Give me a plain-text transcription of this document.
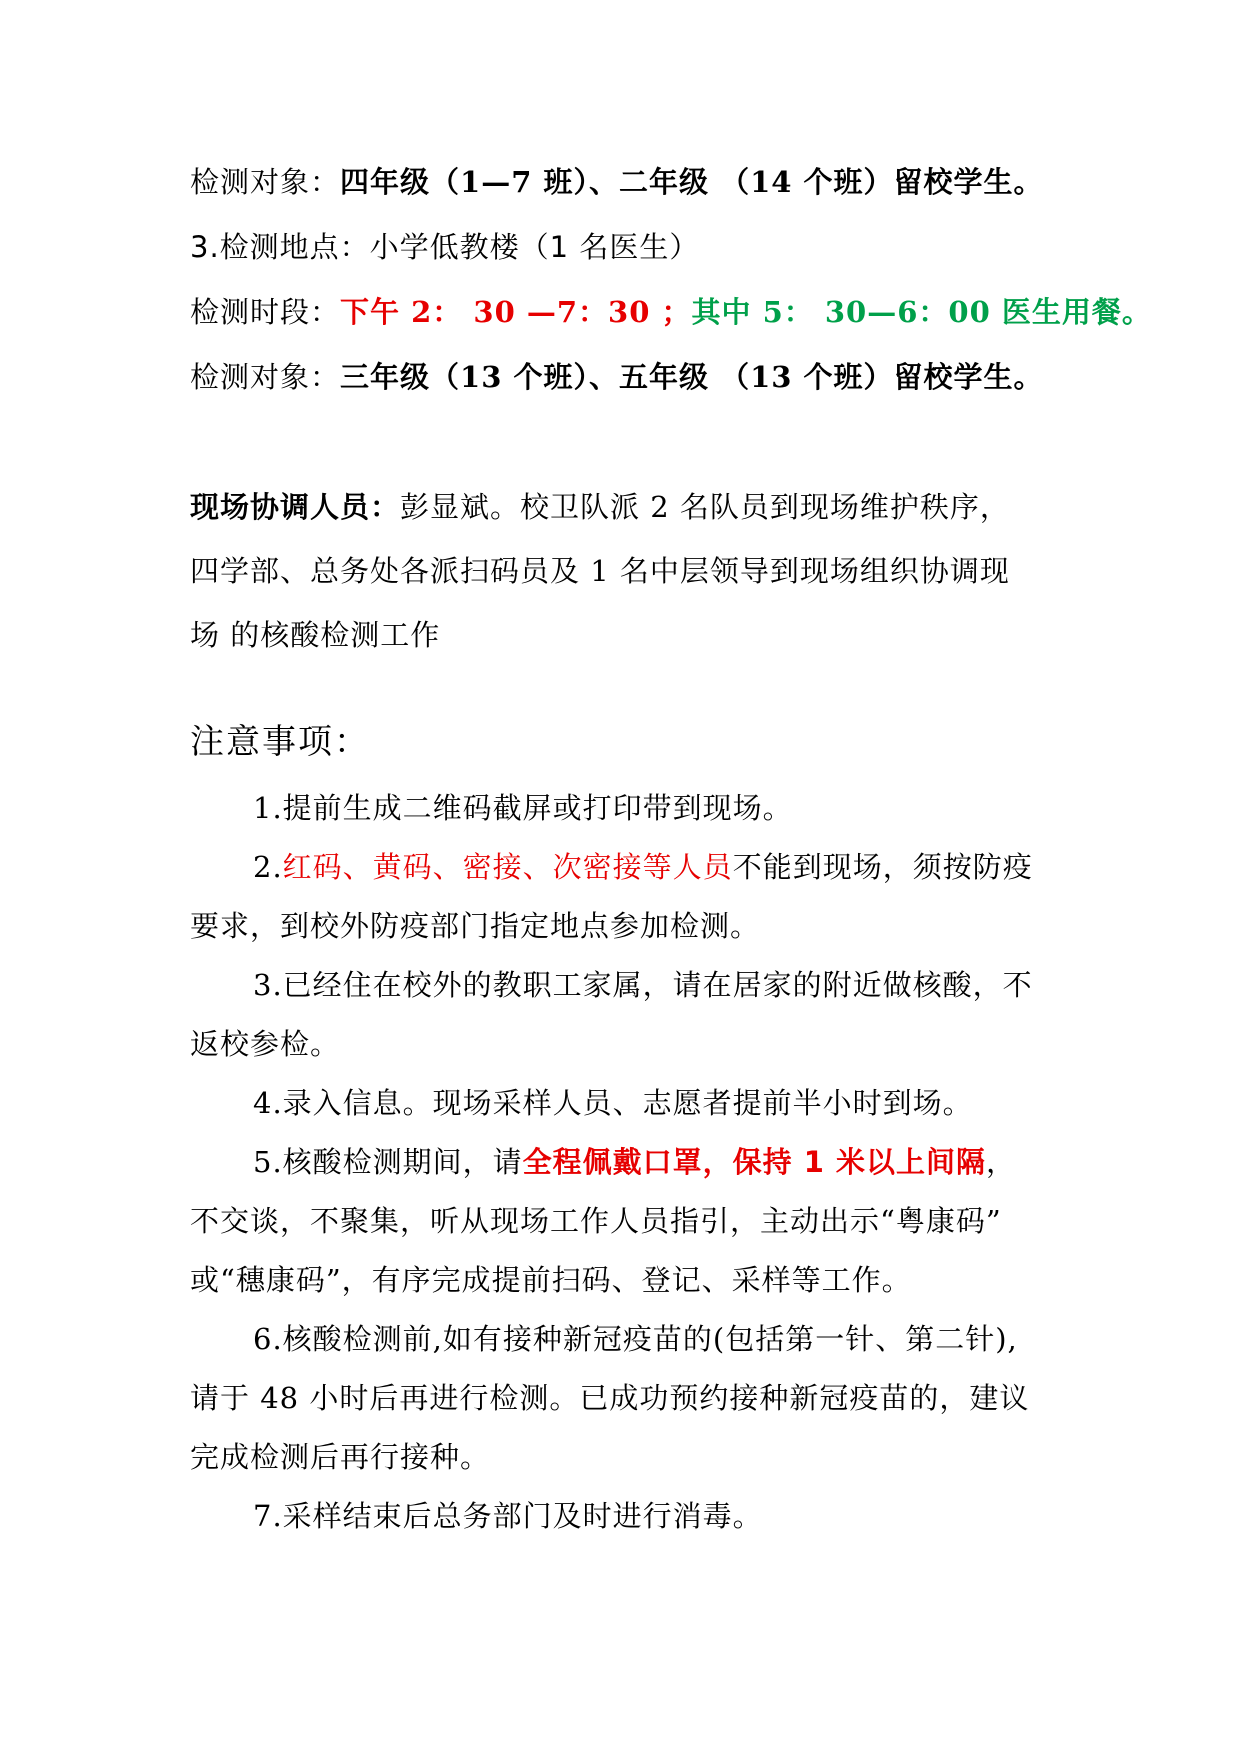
检测对象：四年级（1—7 班）、二年级 （14 个班）留校学生。
3.检测地点：小学低教楼（1 名医生）
检测时段：下午 2： 30 —7：30 ；其中 5： 30—6：00 医生用餐。
检测对象：三年级（13 个班）、五年级 （13 个班）留校学生。
现场协调人员：彭显斌。校卫队派 2 名队员到现场维护秩序，
四学部、总务处各派扫码员及 1 名中层领导到现场组织协调现
场 的核酸检测工作
注意事项：
1.提前生成二维码截屏或打印带到现场。
2.红码、黄码、密接、次密接等人员不能到现场，须按防疫
要求，到校外防疫部门指定地点参加检测。
3.已经住在校外的教职工家属，请在居家的附近做核酸，不
返校参检。
4.录入信息。现场采样人员、志愿者提前半小时到场。
5.核酸检测期间，请全程佩戴口罩，保持 1 米以上间隔，
不交谈，不聚集，听从现场工作人员指引，主动出示“粤康码”
或“穗康码”，有序完成提前扫码、登记、采样等工作。
6.核酸检测前,如有接种新冠疫苗的(包括第一针、第二针),
请于 48 小时后再进行检测。已成功预约接种新冠疫苗的，建议
完成检测后再行接种。
7.采样结束后总务部门及时进行消毒。
